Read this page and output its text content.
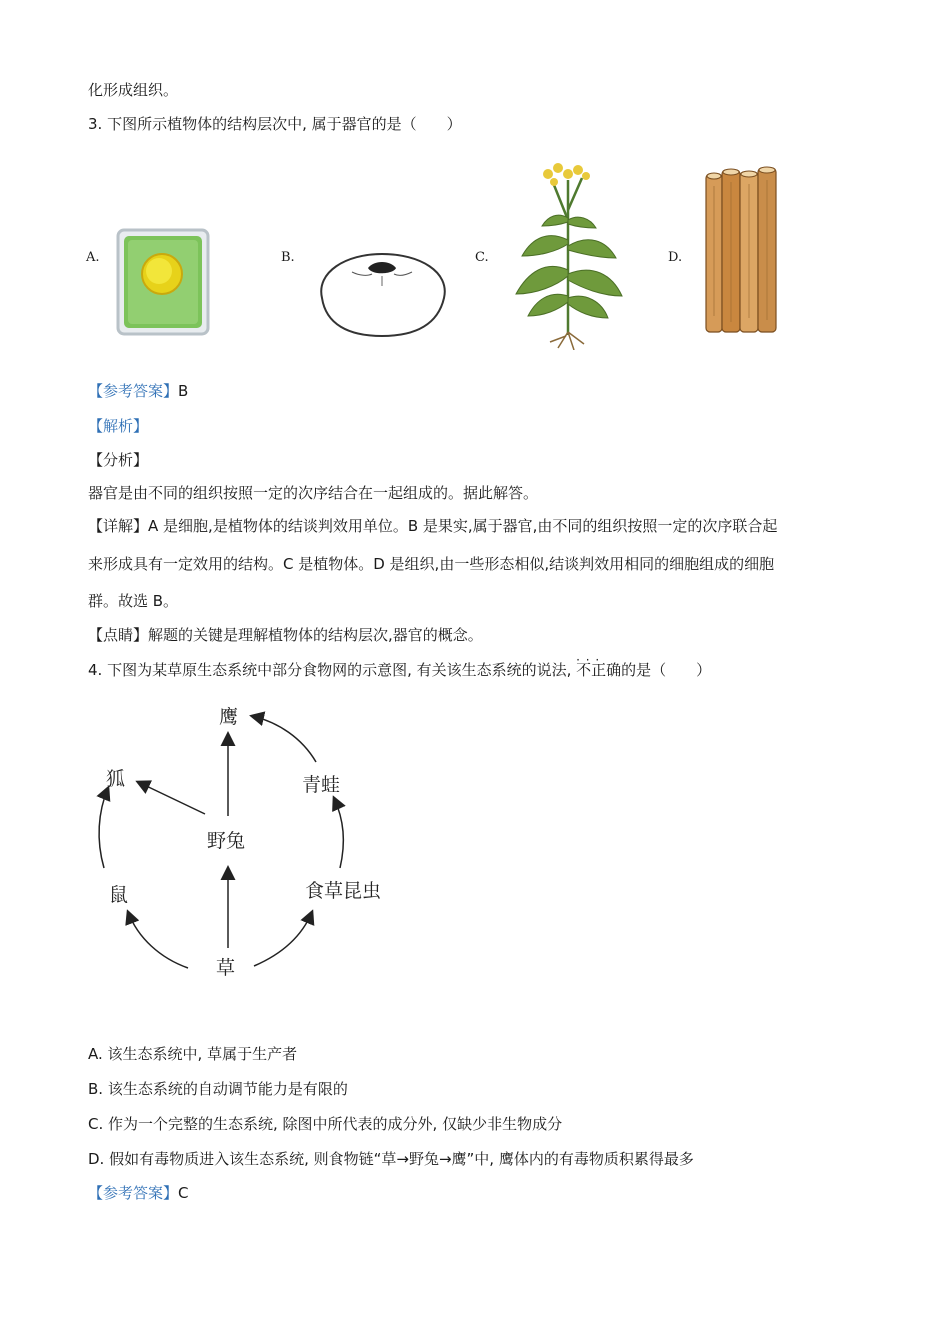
化形成组织。
3. 下图所示植物体的结构层次中, 属于器官的是（　　）
A.	B.	C.	D.
【参考答案】B
【解析】
【分析】
器官是由不同的组织按照一定的次序结合在一起组成的。据此解答。
【详解】A 是细胞,是植物体的结谈判效用单位。B 是果实,属于器官,由不同的组织按照一定的次序联合起
来形成具有一定效用的结构。C 是植物体。D 是组织,由一些形态相似,结谈判效用相同的细胞组成的细胞
群。故选 B。
【点睛】解题的关键是理解植物体的结构层次,器官的概念。
4. 下图为某草原生态系统中部分食物网的示意图, 有关该生态系统的说法, 不正确 · · ·的是（　　）
鹰
狐	青蛙
野兔
鼠	食草昆虫
草
A. 该生态系统中, 草属于生产者
B. 该生态系统的自动调节能力是有限的
C. 作为一个完整的生态系统, 除图中所代表的成分外, 仅缺少非生物成分
D. 假如有毒物质进入该生态系统, 则食物链“草→野兔→鹰”中, 鹰体内的有毒物质积累得最多
【参考答案】C
